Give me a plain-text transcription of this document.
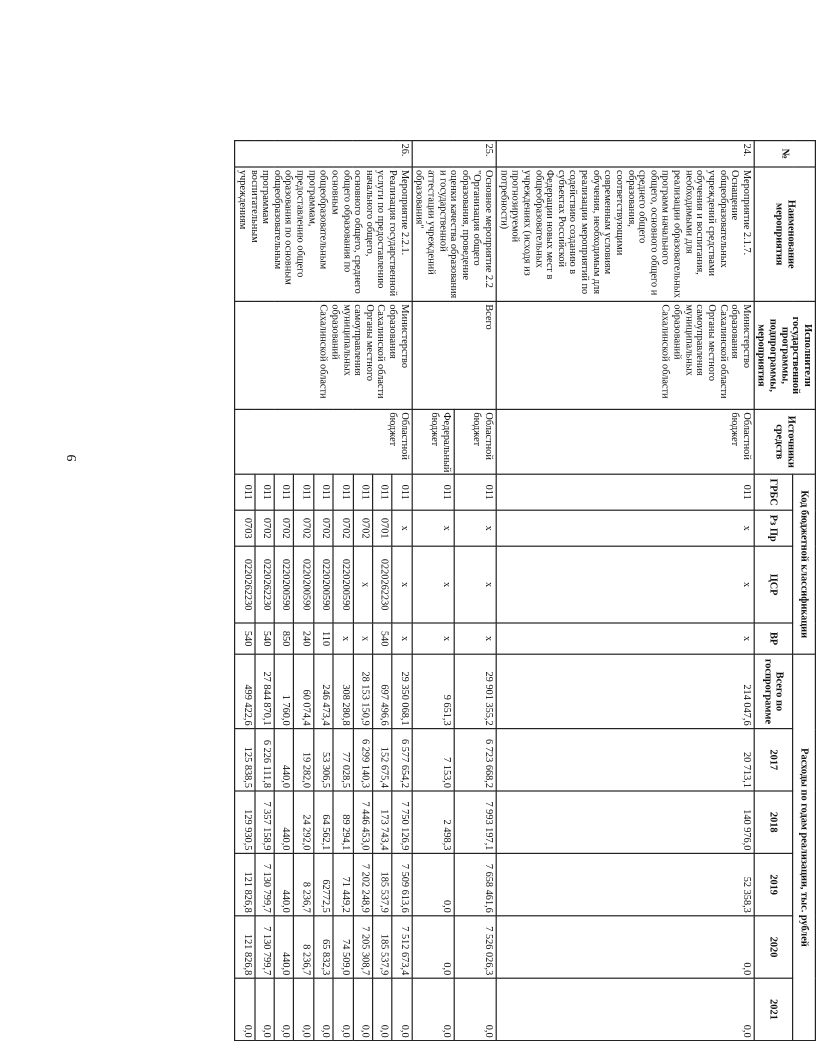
9
№	Наименование мероприятия	Исполнители государственной программы, подпрограммы, мероприятия	Источники средств	Код бюджетной классификации				Расходы по годам реализации, тыс. рублей					
				ГРБС	Рз Пр	ЦСР	ВР	Всего по госпрограмме	2017	2018	2019	2020	2021
24.	Мероприятие 2.1.7. Оснащение общеобразовательных учреждений средствами обучения и воспитания, необходимыми для реализации образовательных программ начального общего, основного общего и среднего общего образования, соответствующими современным условиям обучения, необходимым для реализации мероприятий по содействию созданию в субъектах Российской Федерации новых мест в общеобразовательных учреждениях (исходя из прогнозируемой потребности)	Министерство образования Сахалинской области Органы местного самоуправления муниципальных образований Сахалинской области	Областной бюджет	011	x	x	x	214 047,6	20 713,1	140 976,0	52 358,3	0,0	0,0
25.	Основное мероприятие 2.2 "Организация общего образования, проведение оценки качества образования и государственной аттестации учреждений образования"	Всего	Областной бюджет	011	x	x	x	29 901 355,2	6 723 668,2	7 993 197,1	7 658 461,6	7 526 026,3	0,0
			Федеральный бюджет	011	x	x	x	9 651,3	7 153,0	2 498,3	0,0	0,0	0,0
26.	Мероприятие 2.2.1. Реализация государственной услуги по предоставлению начального общего, основного общего, среднего общего образования по основным общеобразовательным программам, предоставлению общего образования по основным общеобразовательным программам воспитательным учреждениям	Министерство образования Сахалинской области Органы местного самоуправления муниципальных образований Сахалинской области	Областной бюджет	011	x	x	x	29 350 068,1	6 577 654,2	7 750 126,9	7 509 613,6	7 512 673,4	0,0
				011	0701	0220262230	540	697 496,6	152 675,4	173 743,4	185 537,9	185 537,9	0,0
				011	0702	x	x	28 153 150,9	6 299 140,3	7 446 453,0	7 202 248,9	7 205 308,7	0,0
				011	0702	0220200590	x	308 280,8	77 028,5	89 294,1	71 449,2	74 509,0	0,0
				011	0702	0220200590	110	246 473,4	53 306,5	64 562,1	62772,5	65 832,3	0,0
				011	0702	0220200590	240	60 074,4	19 282,0	24 292,0	8 236,7	8 236,7	0,0
				011	0702	0220200590	850	1 760,0	440,0	440,0	440,0	440,0	0,0
				011	0702	0220262230	540	27 844 870,1	6 226 111,8	7 357 158,9	7 130 799,7	7 130 799,7	0,0
				011	0703	0220262230	540	499 422,6	125 838,5	129 930,5	121 826,8	121 826,8	0,0
